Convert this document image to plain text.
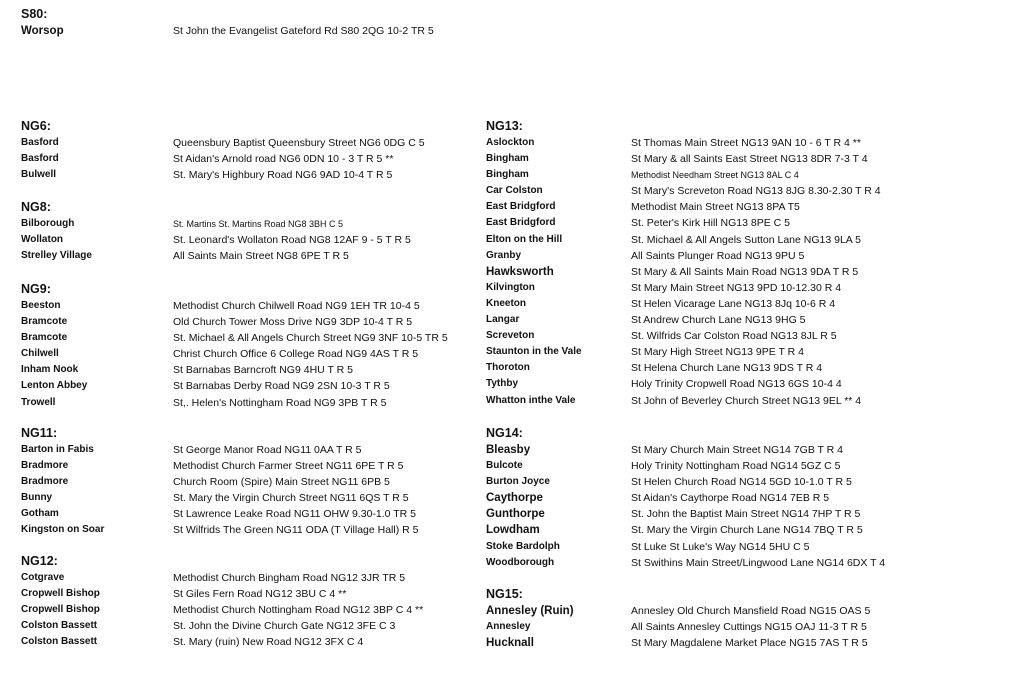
S80:
Worsop	St John the Evangelist Gateford Rd S80 2QG 10-2 TR 5
NG6:
Basford	Queensbury Baptist Queensbury Street NG6 0DG C 5
Basford	St Aidan's Arnold road NG6 0DN 10 - 3 T R 5 **
Bulwell	St. Mary's Highbury Road NG6 9AD 10-4 T R 5
NG8:
Bilborough	St. Martins St. Martins Road NG8 3BH C 5
Wollaton	St. Leonard's Wollaton Road NG8 12AF 9 - 5 T R 5
Strelley Village	All Saints Main Street NG8 6PE T R 5
NG9:
Beeston	Methodist Church Chilwell Road NG9 1EH TR 10-4 5
Bramcote	Old Church Tower Moss Drive NG9 3DP 10-4 T R 5
Bramcote	St. Michael & All Angels Church Street NG9 3NF 10-5 TR 5
Chilwell	Christ Church Office 6 College Road NG9 4AS T R 5
Inham Nook	St Barnabas Barncroft NG9 4HU T R 5
Lenton Abbey	St Barnabas Derby Road NG9 2SN 10-3 T R 5
Trowell	St,. Helen's Nottingham Road NG9 3PB T R 5
NG11:
Barton in Fabis	St George Manor Road NG11 0AA T R 5
Bradmore	Methodist Church Farmer Street NG11 6PE T R 5
Bradmore	Church Room (Spire) Main Street NG11 6PB 5
Bunny	St. Mary the Virgin Church Street NG11 6QS T R 5
Gotham	St Lawrence Leake Road NG11 OHW 9.30-1.0 TR 5
Kingston on Soar	St Wilfrids The Green NG11 ODA (T Village Hall) R 5
NG12:
Cotgrave	Methodist Church Bingham Road NG12 3JR TR 5
Cropwell Bishop	St Giles Fern Road NG12 3BU C 4 **
Cropwell Bishop	Methodist Church Nottingham Road NG12 3BP C 4 **
Colston Bassett	St. John the Divine Church Gate NG12 3FE C 3
Colston Bassett	St. Mary (ruin) New Road NG12 3FX C 4
NG13:
Aslockton	St Thomas Main Street NG13 9AN 10 - 6 T R 4 **
Bingham	St Mary & all Saints East Street NG13 8DR 7-3 T 4
Bingham	Methodist Needham Street NG13 8AL C 4
Car Colston	St Mary's Screveton Road NG13 8JG 8.30-2.30 T R 4
East Bridgford	Methodist Main Street NG13 8PA T5
East Bridgford	St. Peter's Kirk Hill NG13 8PE C 5
Elton on the Hill	St. Michael & All Angels Sutton Lane NG13 9LA 5
Granby	All Saints Plunger Road NG13 9PU 5
Hawksworth	St Mary & All Saints Main Road NG13 9DA T R 5
Kilvington	St Mary Main Street NG13 9PD 10-12.30 R 4
Kneeton	St Helen Vicarage Lane NG13 8Jq 10-6 R 4
Langar	St Andrew Church Lane NG13 9HG 5
Screveton	St. Wilfrids Car Colston Road NG13 8JL R 5
Staunton in the Vale	St Mary High Street NG13 9PE T R 4
Thoroton	St Helena Church Lane NG13 9DS T R 4
Tythby	Holy Trinity Cropwell Road NG13 6GS 10-4 4
Whatton inthe Vale	St John of Beverley Church Street NG13 9EL ** 4
NG14:
Bleasby	St Mary Church Main Street NG14 7GB T R 4
Bulcote	Holy Trinity Nottingham Road NG14 5GZ C 5
Burton Joyce	St Helen Church Road NG14 5GD 10-1.0 T R 5
Caythorpe	St Aidan's Caythorpe Road NG14 7EB R 5
Gunthorpe	St. John the Baptist Main Street NG14 7HP T R 5
Lowdham	St. Mary the Virgin Church Lane NG14 7BQ T R 5
Stoke Bardolph	St Luke St Luke's Way NG14 5HU C 5
Woodborough	St Swithins Main Street/Lingwood Lane NG14 6DX T 4
NG15:
Annesley (Ruin)	Annesley Old Church Mansfield Road NG15 OAS 5
Annesley	All Saints Annesley Cuttings NG15 OAJ 11-3 T R 5
Hucknall	St Mary Magdalene Market Place NG15 7AS T R 5
